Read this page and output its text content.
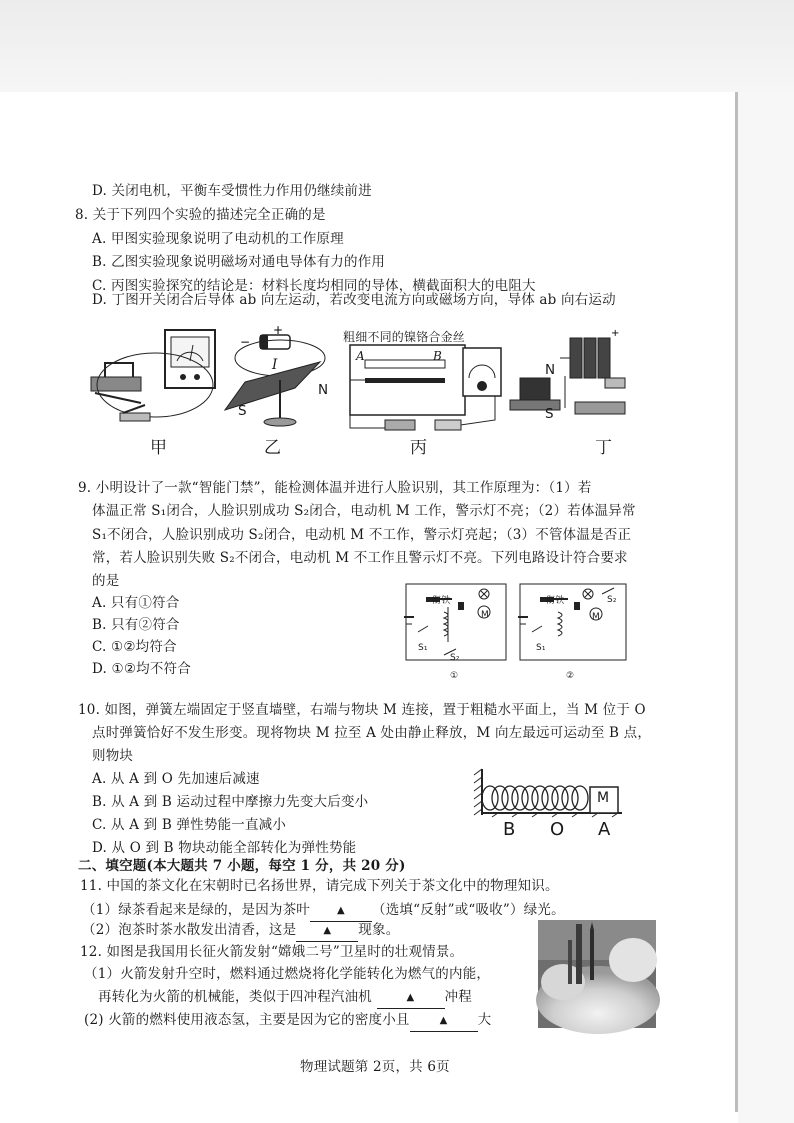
D. 关闭电机，平衡车受惯性力作用仍继续前进
8. 关于下列四个实验的描述完全正确的是
A. 甲图实验现象说明了电动机的工作原理
B. 乙图实验现象说明磁场对通电导体有力的作用
C. 丙图实验探究的结论是：材料长度均相同的导体，横截面积大的电阻大
D. 丁图开关闭合后导体 ab 向左运动，若改变电流方向或磁场方向，导体 ab 向右运动
甲
+
−
I
N
S
乙
粗细不同的镍铬合金丝
A	B
丙
+
N
S
丁
9. 小明设计了一款“智能门禁”，能检测体温并进行人脸识别，其工作原理为：（1）若
体温正常 S₁闭合，人脸识别成功 S₂闭合，电动机 M 工作，警示灯不亮；（2）若体温异常
S₁不闭合，人脸识别成功 S₂闭合，电动机 M 不工作，警示灯亮起；（3）不管体温是否正
常，若人脸识别失败 S₂不闭合，电动机 M 不工作且警示灯不亮。下列电路设计符合要求
的是
A. 只有①符合
B. 只有②符合
C. ①②均符合
D. ①②均不符合
衔铁
M
S₁
S₂
①
衔铁
M
S₂
S₁
②
10. 如图，弹簧左端固定于竖直墙壁，右端与物块 M 连接，置于粗糙水平面上，当 M 位于 O
点时弹簧恰好不发生形变。现将物块 M 拉至 A 处由静止释放，M 向左最远可运动至 B 点，
则物块
A. 从 A 到 O 先加速后减速
B. 从 A 到 B 运动过程中摩擦力先变大后变小
C. 从 A 到 B 弹性势能一直减小
D. 从 O 到 B 物块动能全部转化为弹性势能
M
B O A
二、填空题(本大题共 7 小题，每空 1 分，共 20 分)
11. 中国的茶文化在宋朝时已名扬世界，请完成下列关于茶文化中的物理知识。
（1）绿茶看起来是绿的，是因为茶叶	▲ （选填“反射”或“吸收”）绿光。
（2）泡茶时茶水散发出清香，这是	▲ 现象。
12. 如图是我国用长征火箭发射“嫦娥二号”卫星时的壮观情景。
（1）火箭发射升空时，燃料通过燃烧将化学能转化为燃气的内能，
再转化为火箭的机械能，类似于四冲程汽油机	▲ 冲程
(2) 火箭的燃料使用液态氢，主要是因为它的密度小且	▲ 大
物理试题第 2页，共 6页
